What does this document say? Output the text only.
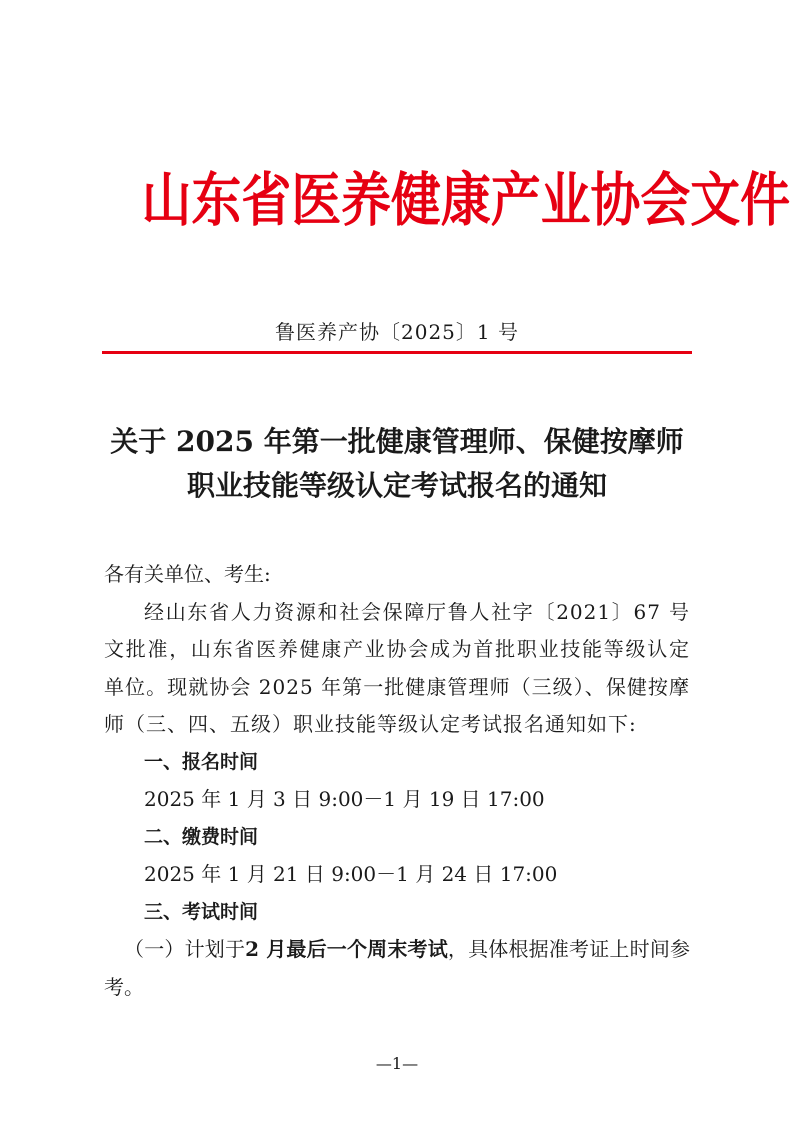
山东省医养健康产业协会文件
鲁医养产协〔2025〕1 号
关于 2025 年第一批健康管理师、保健按摩师
职业技能等级认定考试报名的通知

各有关单位、考生:

经山东省人力资源和社会保障厅鲁人社字〔2021〕67 号文批准，山东省医养健康产业协会成为首批职业技能等级认定单位。现就协会 2025 年第一批健康管理师（三级）、保健按摩师（三、四、五级）职业技能等级认定考试报名通知如下:

一、报名时间

2025 年 1 月 3 日 9:00－1 月 19 日 17:00

二、缴费时间

2025 年 1 月 21 日 9:00－1 月 24 日 17:00

三、考试时间

（一）计划于2 月最后一个周末考试，具体根据准考证上时间参考。

—1—
